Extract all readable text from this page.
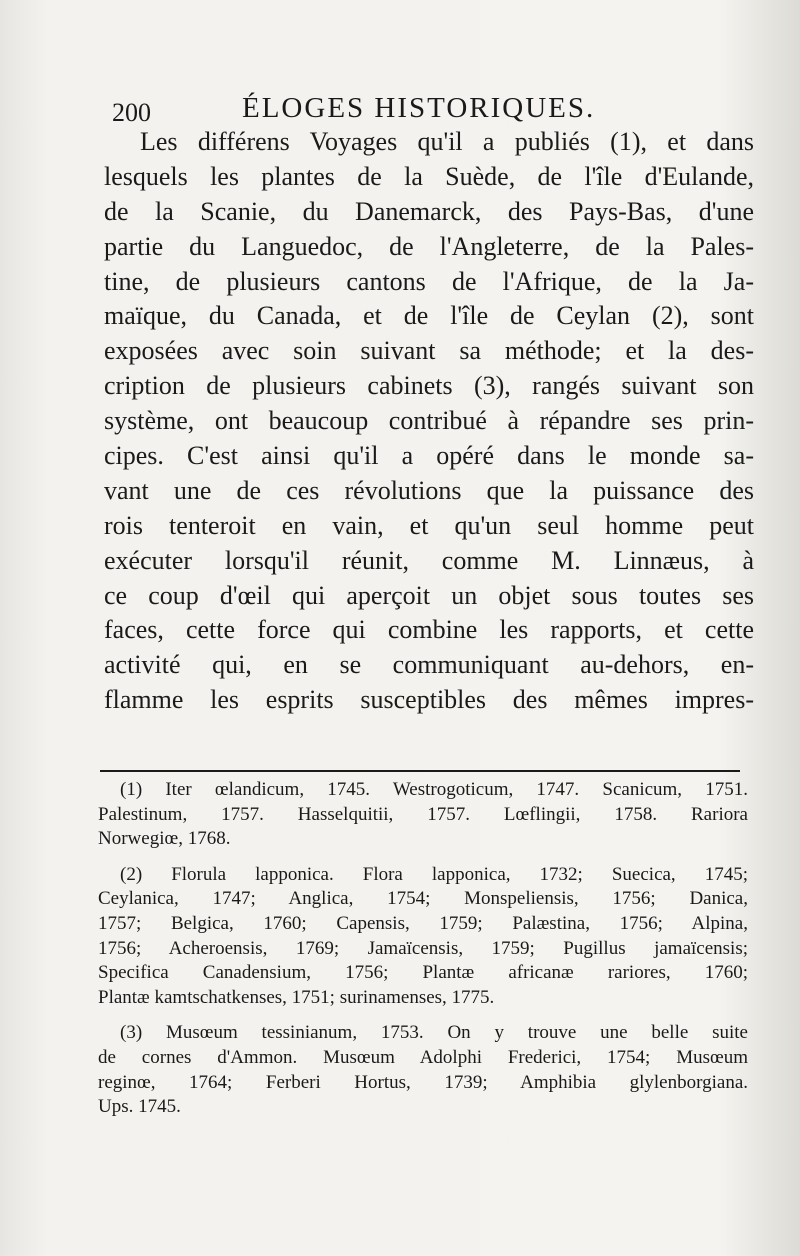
200	ÉLOGES HISTORIQUES.
Les différens Voyages qu'il a publiés (1), et dans
lesquels les plantes de la Suède, de l'île d'Eulande,
de la Scanie, du Danemarck, des Pays-Bas, d'une
partie du Languedoc, de l'Angleterre, de la Pales-
tine, de plusieurs cantons de l'Afrique, de la Ja-
maïque, du Canada, et de l'île de Ceylan (2), sont
exposées avec soin suivant sa méthode; et la des-
cription de plusieurs cabinets (3), rangés suivant son
système, ont beaucoup contribué à répandre ses prin-
cipes. C'est ainsi qu'il a opéré dans le monde sa-
vant une de ces révolutions que la puissance des
rois tenteroit en vain, et qu'un seul homme peut
exécuter lorsqu'il réunit, comme M. Linnæus, à
ce coup d'œil qui aperçoit un objet sous toutes ses
faces, cette force qui combine les rapports, et cette
activité qui, en se communiquant au-dehors, en-
flamme les esprits susceptibles des mêmes impres-
(1) Iter œlandicum, 1745. Westrogoticum, 1747. Scanicum, 1751.
Palestinum, 1757. Hasselquitii, 1757. Lœflingii, 1758. Rariora
Norwegiœ, 1768.
(2) Florula lapponica. Flora lapponica, 1732; Suecica, 1745;
Ceylanica, 1747; Anglica, 1754; Monspeliensis, 1756; Danica,
1757; Belgica, 1760; Capensis, 1759; Palæstina, 1756; Alpina,
1756; Acheroensis, 1769; Jamaïcensis, 1759; Pugillus jamaïcensis;
Specifica Canadensium, 1756; Plantæ africanæ rariores, 1760;
Plantæ kamtschatkenses, 1751; surinamenses, 1775.
(3) Musœum tessinianum, 1753. On y trouve une belle suite
de cornes d'Ammon. Musœum Adolphi Frederici, 1754; Musœum
reginœ, 1764; Ferberi Hortus, 1739; Amphibia glylenborgiana.
Ups. 1745.
